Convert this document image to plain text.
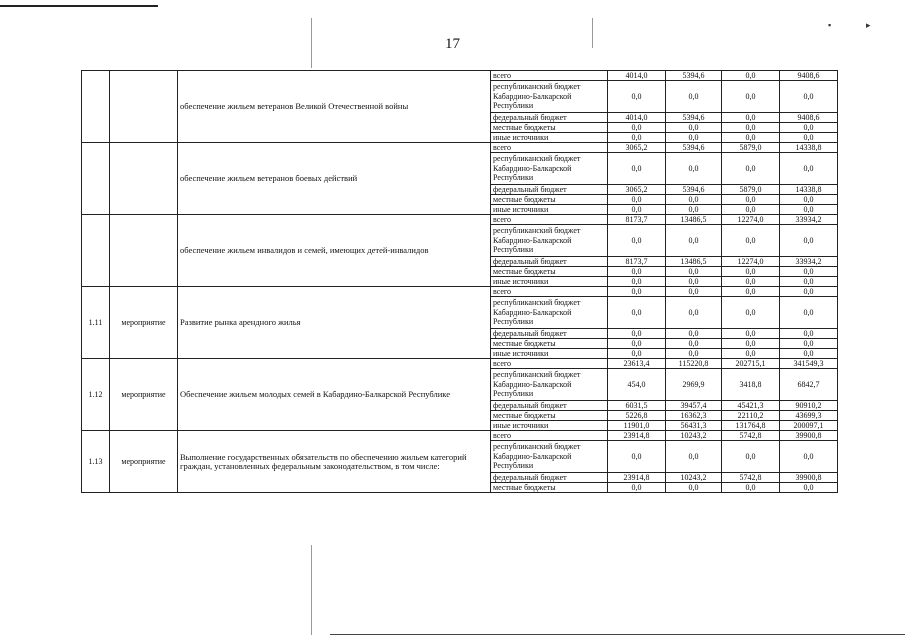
▪	▸
17
		обеспечение жильем ветеранов Великой Отечественной войны	всего	4014,0	5394,6	0,0	9408,6
			республиканский бюджет Кабардино-Балкарской Республики	0,0	0,0	0,0	0,0
			федеральный бюджет	4014,0	5394,6	0,0	9408,6
			местные бюджеты	0,0	0,0	0,0	0,0
			иные источники	0,0	0,0	0,0	0,0
		обеспечение жильем ветеранов боевых действий	всего	3065,2	5394,6	5879,0	14338,8
			республиканский бюджет Кабардино-Балкарской Республики	0,0	0,0	0,0	0,0
			федеральный бюджет	3065,2	5394,6	5879,0	14338,8
			местные бюджеты	0,0	0,0	0,0	0,0
			иные источники	0,0	0,0	0,0	0,0
		обеспечение жильем инвалидов и семей, имеющих детей-инвалидов	всего	8173,7	13486,5	12274,0	33934,2
			республиканский бюджет Кабардино-Балкарской Республики	0,0	0,0	0,0	0,0
			федеральный бюджет	8173,7	13486,5	12274,0	33934,2
			местные бюджеты	0,0	0,0	0,0	0,0
			иные источники	0,0	0,0	0,0	0,0
1.11	мероприятие	Развитие рынка арендного жилья	всего	0,0	0,0	0,0	0,0
			республиканский бюджет Кабардино-Балкарской Республики	0,0	0,0	0,0	0,0
			федеральный бюджет	0,0	0,0	0,0	0,0
			местные бюджеты	0,0	0,0	0,0	0,0
			иные источники	0,0	0,0	0,0	0,0
1.12	мероприятие	Обеспечение жильем молодых семей в Кабардино-Балкарской Республике	всего	23613,4	115220,8	202715,1	341549,3
			республиканский бюджет Кабардино-Балкарской Республики	454,0	2969,9	3418,8	6842,7
			федеральный бюджет	6031,5	39457,4	45421,3	90910,2
			местные бюджеты	5226,8	16362,3	22110,2	43699,3
			иные источники	11901,0	56431,3	131764,8	200097,1
1.13	мероприятие	Выполнение государственных обязательств по обеспечению жильем категорий граждан, установленных федеральным законодательством, в том числе:	всего	23914,8	10243,2	5742,8	39900,8
			республиканский бюджет Кабардино-Балкарской Республики	0,0	0,0	0,0	0,0
			федеральный бюджет	23914,8	10243,2	5742,8	39900,8
			местные бюджеты	0,0	0,0	0,0	0,0
